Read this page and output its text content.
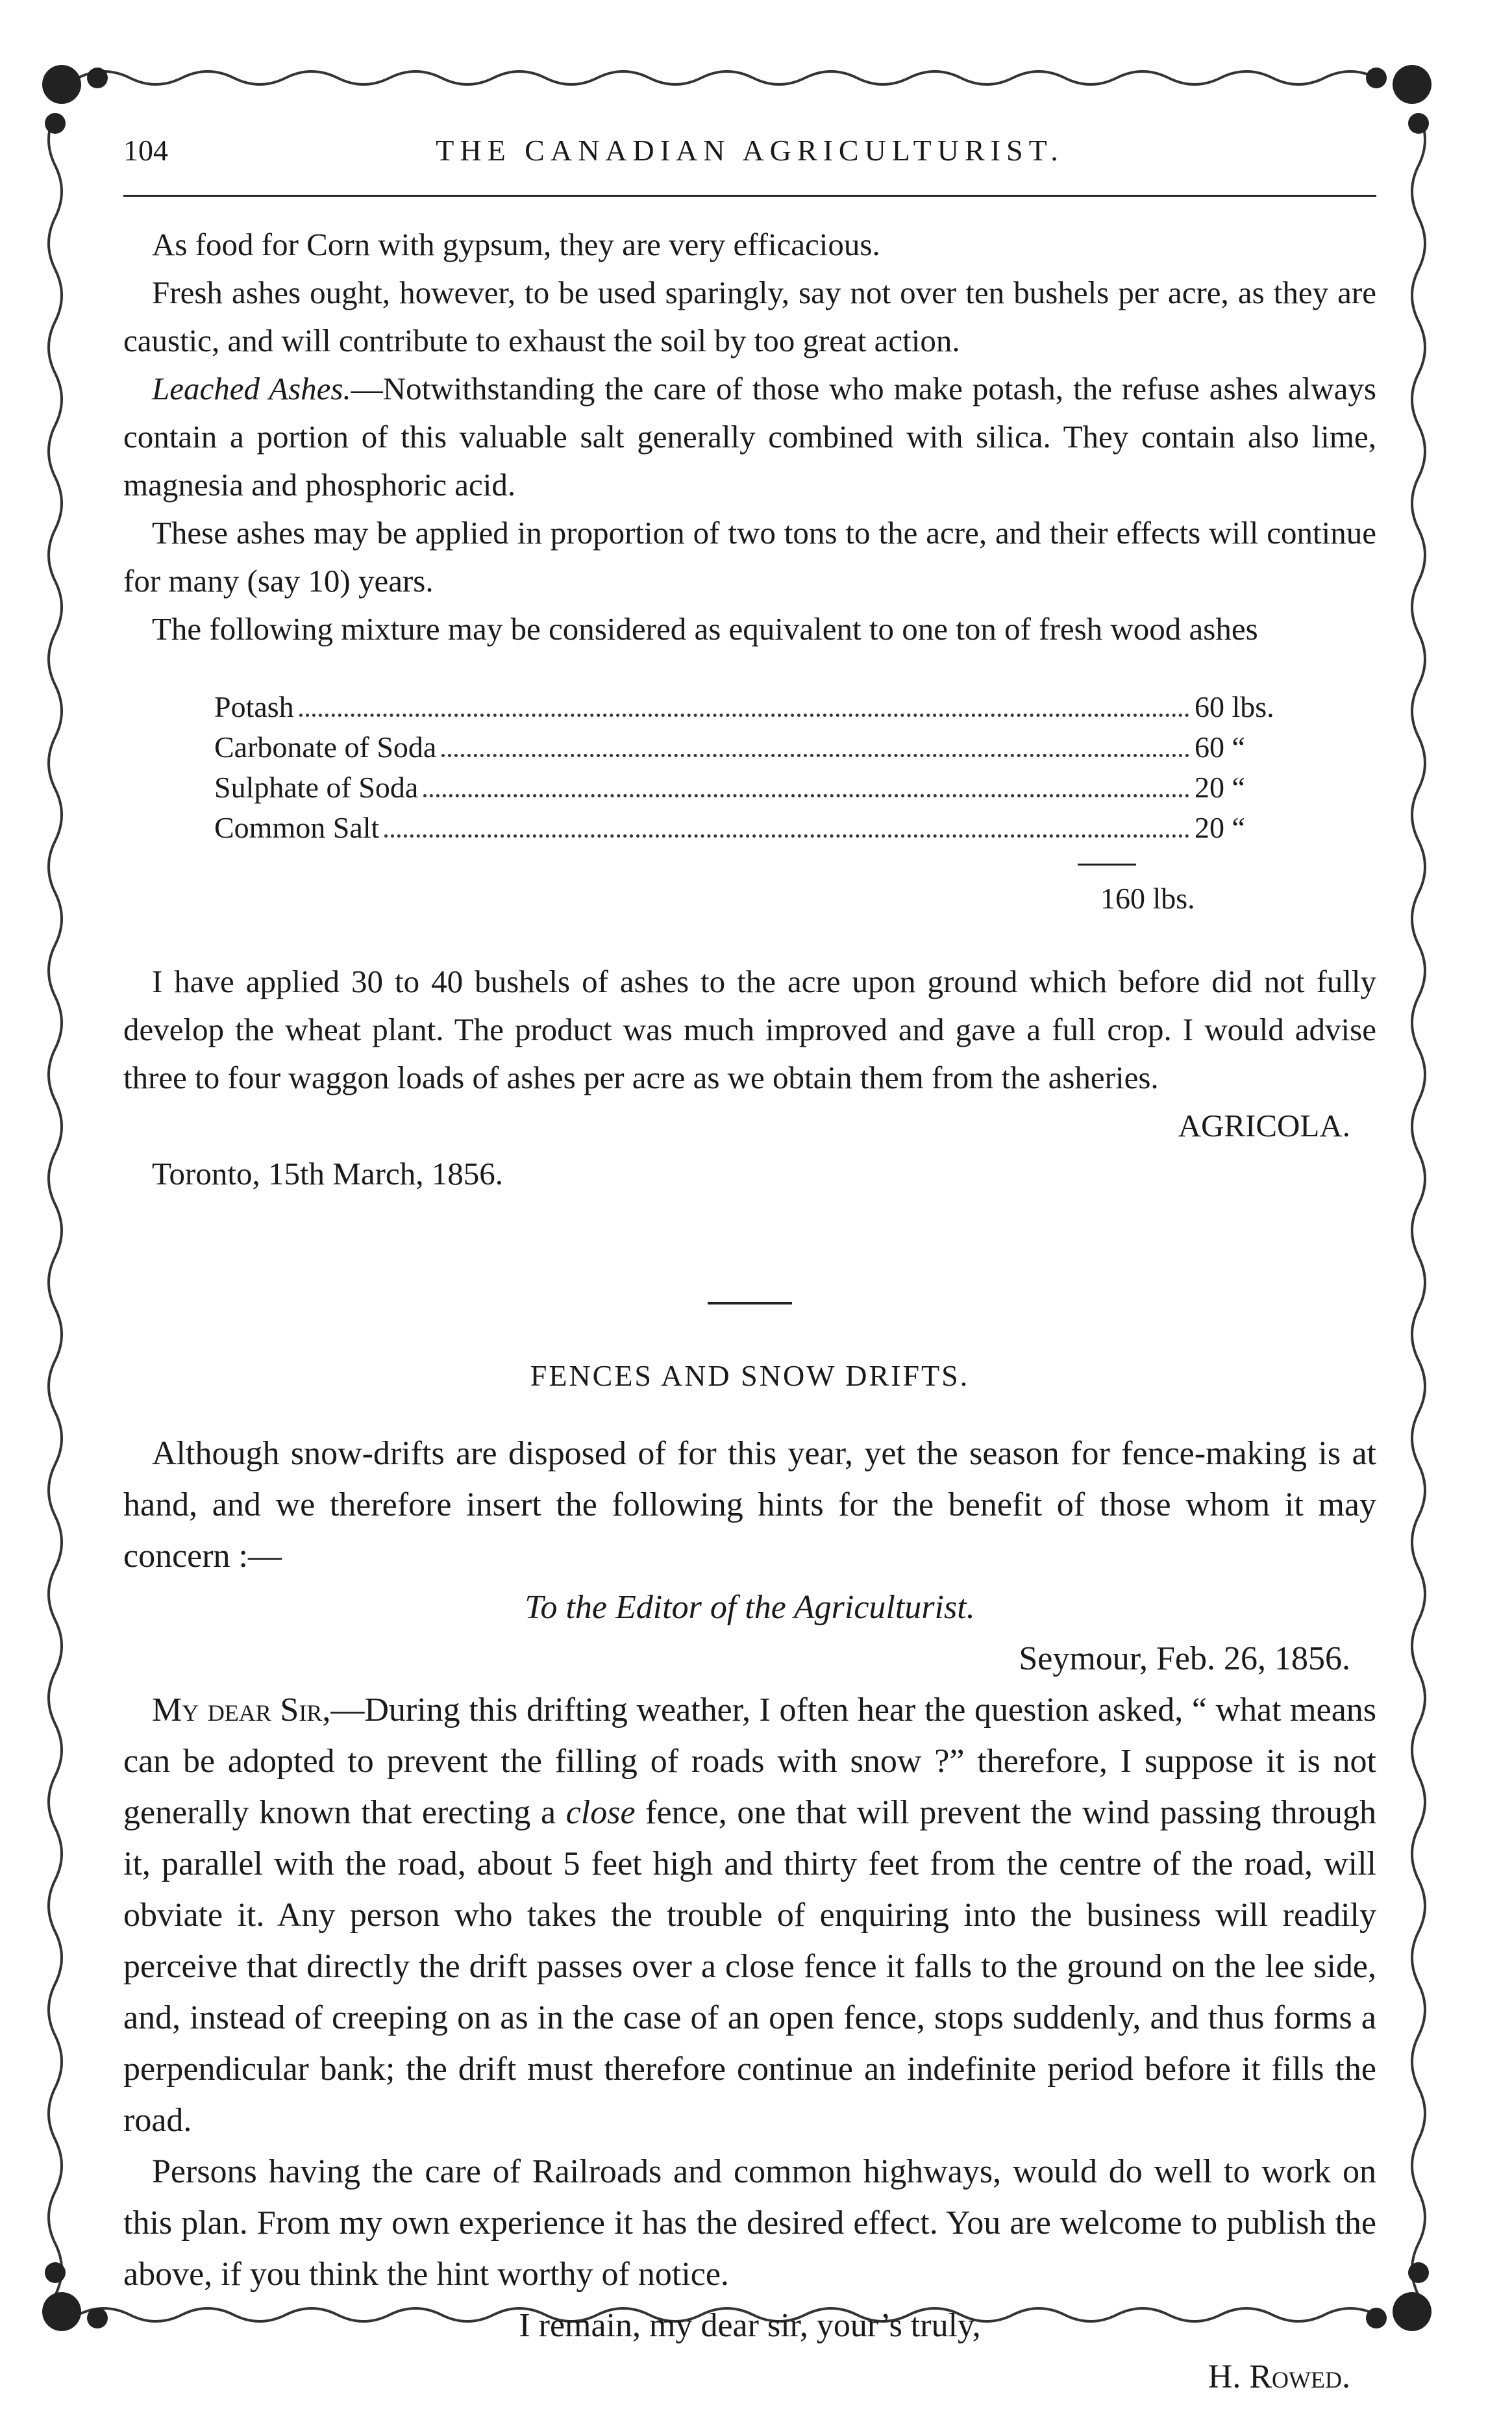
104	THE CANADIAN AGRICULTURIST.

As food for Corn with gypsum, they are very efficacious.

Fresh ashes ought, however, to be used sparingly, say not over ten bushels per acre, as they are caustic, and will contribute to exhaust the soil by too great action.

Leached Ashes.—Notwithstanding the care of those who make potash, the refuse ashes always contain a portion of this valuable salt generally combined with silica. They contain also lime, magnesia and phosphoric acid.

These ashes may be applied in proportion of two tons to the acre, and their effects will continue for many (say 10) years.

The following mixture may be considered as equivalent to one ton of fresh wood ashes

Potash	60 lbs.
Carbonate of Soda	60 “
Sulphate of Soda	20 “
Common Salt	20 “
160 lbs.

I have applied 30 to 40 bushels of ashes to the acre upon ground which before did not fully develop the wheat plant. The product was much improved and gave a full crop. I would advise three to four waggon loads of ashes per acre as we obtain them from the asheries.

AGRICOLA.
Toronto, 15th March, 1856.
FENCES AND SNOW DRIFTS.

Although snow-drifts are disposed of for this year, yet the season for fence-making is at hand, and we therefore insert the following hints for the benefit of those whom it may concern :—

To the Editor of the Agriculturist.

Seymour, Feb. 26, 1856.

My dear Sir,—During this drifting weather, I often hear the question asked, “ what means can be adopted to prevent the filling of roads with snow ?” therefore, I suppose it is not generally known that erecting a close fence, one that will prevent the wind passing through it, parallel with the road, about 5 feet high and thirty feet from the centre of the road, will obviate it. Any person who takes the trouble of enquiring into the business will readily perceive that directly the drift passes over a close fence it falls to the ground on the lee side, and, instead of creeping on as in the case of an open fence, stops suddenly, and thus forms a perpendicular bank; the drift must therefore continue an indefinite period before it fills the road.

Persons having the care of Railroads and common highways, would do well to work on this plan. From my own experience it has the desired effect. You are welcome to publish the above, if you think the hint worthy of notice.

I remain, my dear sir, your’s truly,

H. Rowed.
